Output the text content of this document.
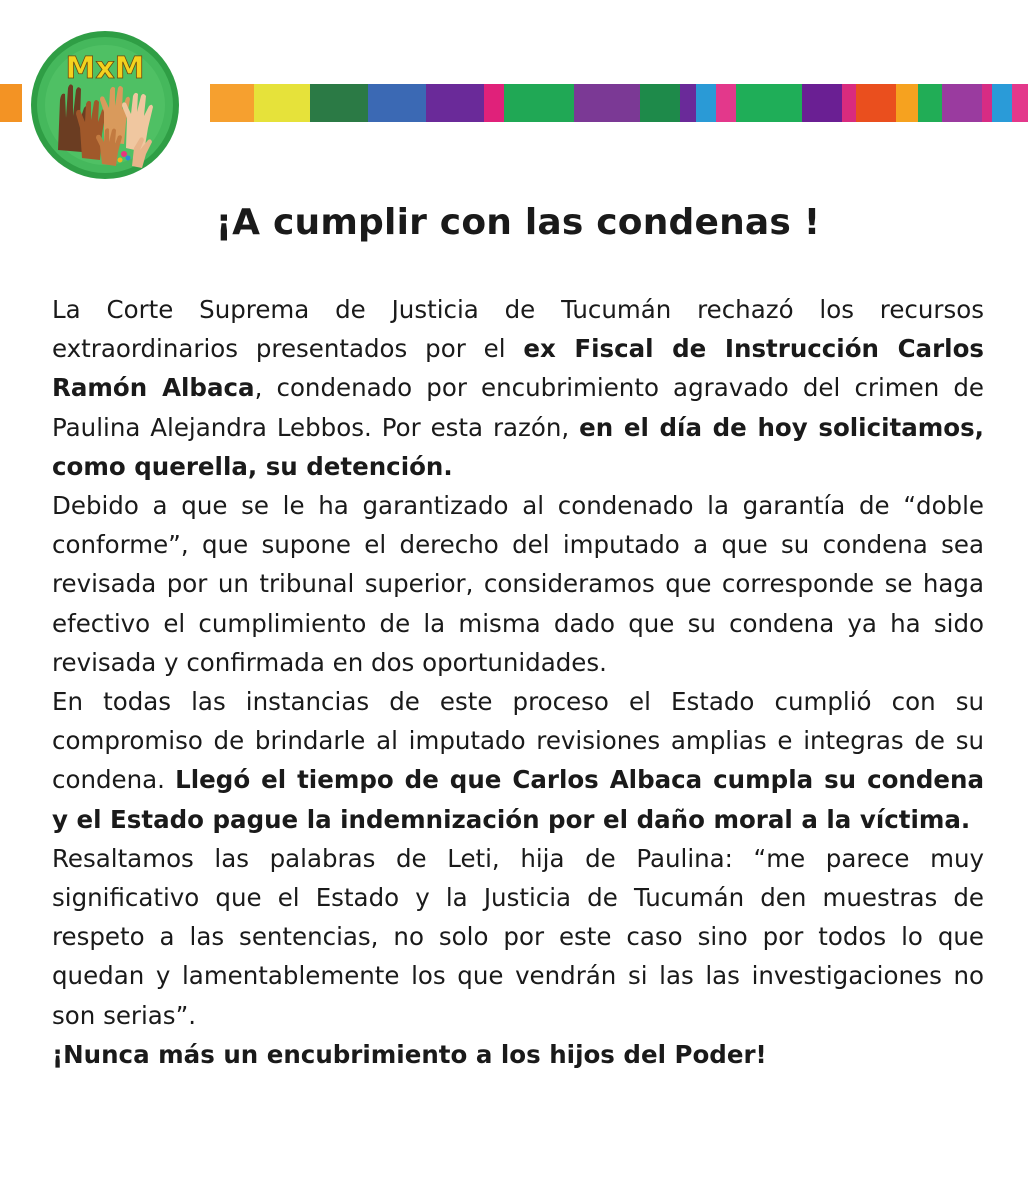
MxM
¡A cumplir con las condenas !

La Corte Suprema de Justicia de Tucumán rechazó los recursos extraordinarios presentados por el ex Fiscal de Instrucción Carlos Ramón Albaca, condenado por encubrimiento agravado del crimen de Paulina Alejandra Lebbos. Por esta razón, en el día de hoy solicitamos, como querella, su detención.

Debido a que se le ha garantizado al condenado la garantía de “doble conforme”, que supone el derecho del imputado a que su condena sea revisada por un tribunal superior, consideramos que corresponde se haga efectivo el cumplimiento de la misma dado que su condena ya ha sido revisada y confirmada en dos oportunidades.

En todas las instancias de este proceso el Estado cumplió con su compromiso de brindarle al imputado revisiones amplias e integras de su condena. Llegó el tiempo de que Carlos Albaca cumpla su condena y el Estado pague la indemnización por el daño moral a la víctima.

Resaltamos las palabras de Leti, hija de Paulina: “me parece muy significativo que el Estado y la Justicia de Tucumán den muestras de respeto a las sentencias, no solo por este caso sino por todos lo que quedan y lamentablemente los que vendrán si las las investigaciones no son serias”.

¡Nunca más un encubrimiento a los hijos del Poder!
